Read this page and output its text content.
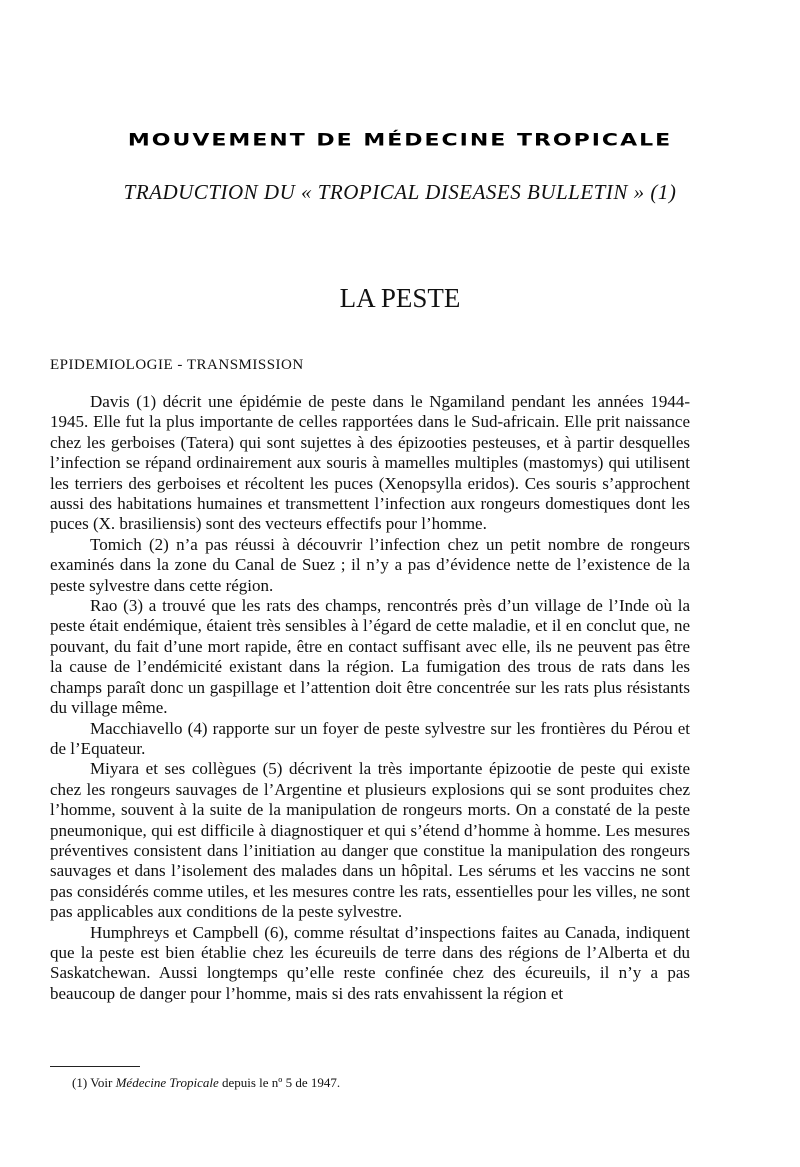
MOUVEMENT DE MÉDECINE TROPICALE
TRADUCTION DU « TROPICAL DISEASES BULLETIN » (1)
LA PESTE
EPIDEMIOLOGIE - TRANSMISSION

Davis (1) décrit une épidémie de peste dans le Ngamiland pendant les années 1944-1945. Elle fut la plus importante de celles rapportées dans le Sud-africain. Elle prit naissance chez les gerboises (Tatera) qui sont sujettes à des épizooties pesteuses, et à partir desquelles l’infection se répand ordinairement aux souris à mamelles multiples (mastomys) qui utilisent les terriers des gerboises et récoltent les puces (Xenopsylla eridos). Ces souris s’approchent aussi des habitations humaines et transmettent l’infection aux rongeurs domestiques dont les puces (X. brasiliensis) sont des vecteurs effectifs pour l’homme.

Tomich (2) n’a pas réussi à découvrir l’infection chez un petit nombre de rongeurs examinés dans la zone du Canal de Suez ; il n’y a pas d’évidence nette de l’existence de la peste sylvestre dans cette région.

Rao (3) a trouvé que les rats des champs, rencontrés près d’un village de l’Inde où la peste était endémique, étaient très sensibles à l’égard de cette maladie, et il en conclut que, ne pouvant, du fait d’une mort rapide, être en contact suffisant avec elle, ils ne peuvent pas être la cause de l’endémicité existant dans la région. La fumigation des trous de rats dans les champs paraît donc un gaspillage et l’attention doit être concentrée sur les rats plus résistants du village même.

Macchiavello (4) rapporte sur un foyer de peste sylvestre sur les frontières du Pérou et de l’Equateur.

Miyara et ses collègues (5) décrivent la très importante épizootie de peste qui existe chez les rongeurs sauvages de l’Argentine et plusieurs explosions qui se sont produites chez l’homme, souvent à la suite de la manipulation de rongeurs morts. On a constaté de la peste pneumonique, qui est difficile à diagnostiquer et qui s’étend d’homme à homme. Les mesures préventives consistent dans l’initiation au danger que constitue la manipulation des rongeurs sauvages et dans l’isolement des malades dans un hôpital. Les sérums et les vaccins ne sont pas considérés comme utiles, et les mesures contre les rats, essentielles pour les villes, ne sont pas applicables aux conditions de la peste sylvestre.

Humphreys et Campbell (6), comme résultat d’inspections faites au Canada, indiquent que la peste est bien établie chez les écureuils de terre dans des régions de l’Alberta et du Saskatchewan. Aussi longtemps qu’elle reste confinée chez des écureuils, il n’y a pas beaucoup de danger pour l’homme, mais si des rats envahissent la région et

(1) Voir Médecine Tropicale depuis le nº 5 de 1947.
